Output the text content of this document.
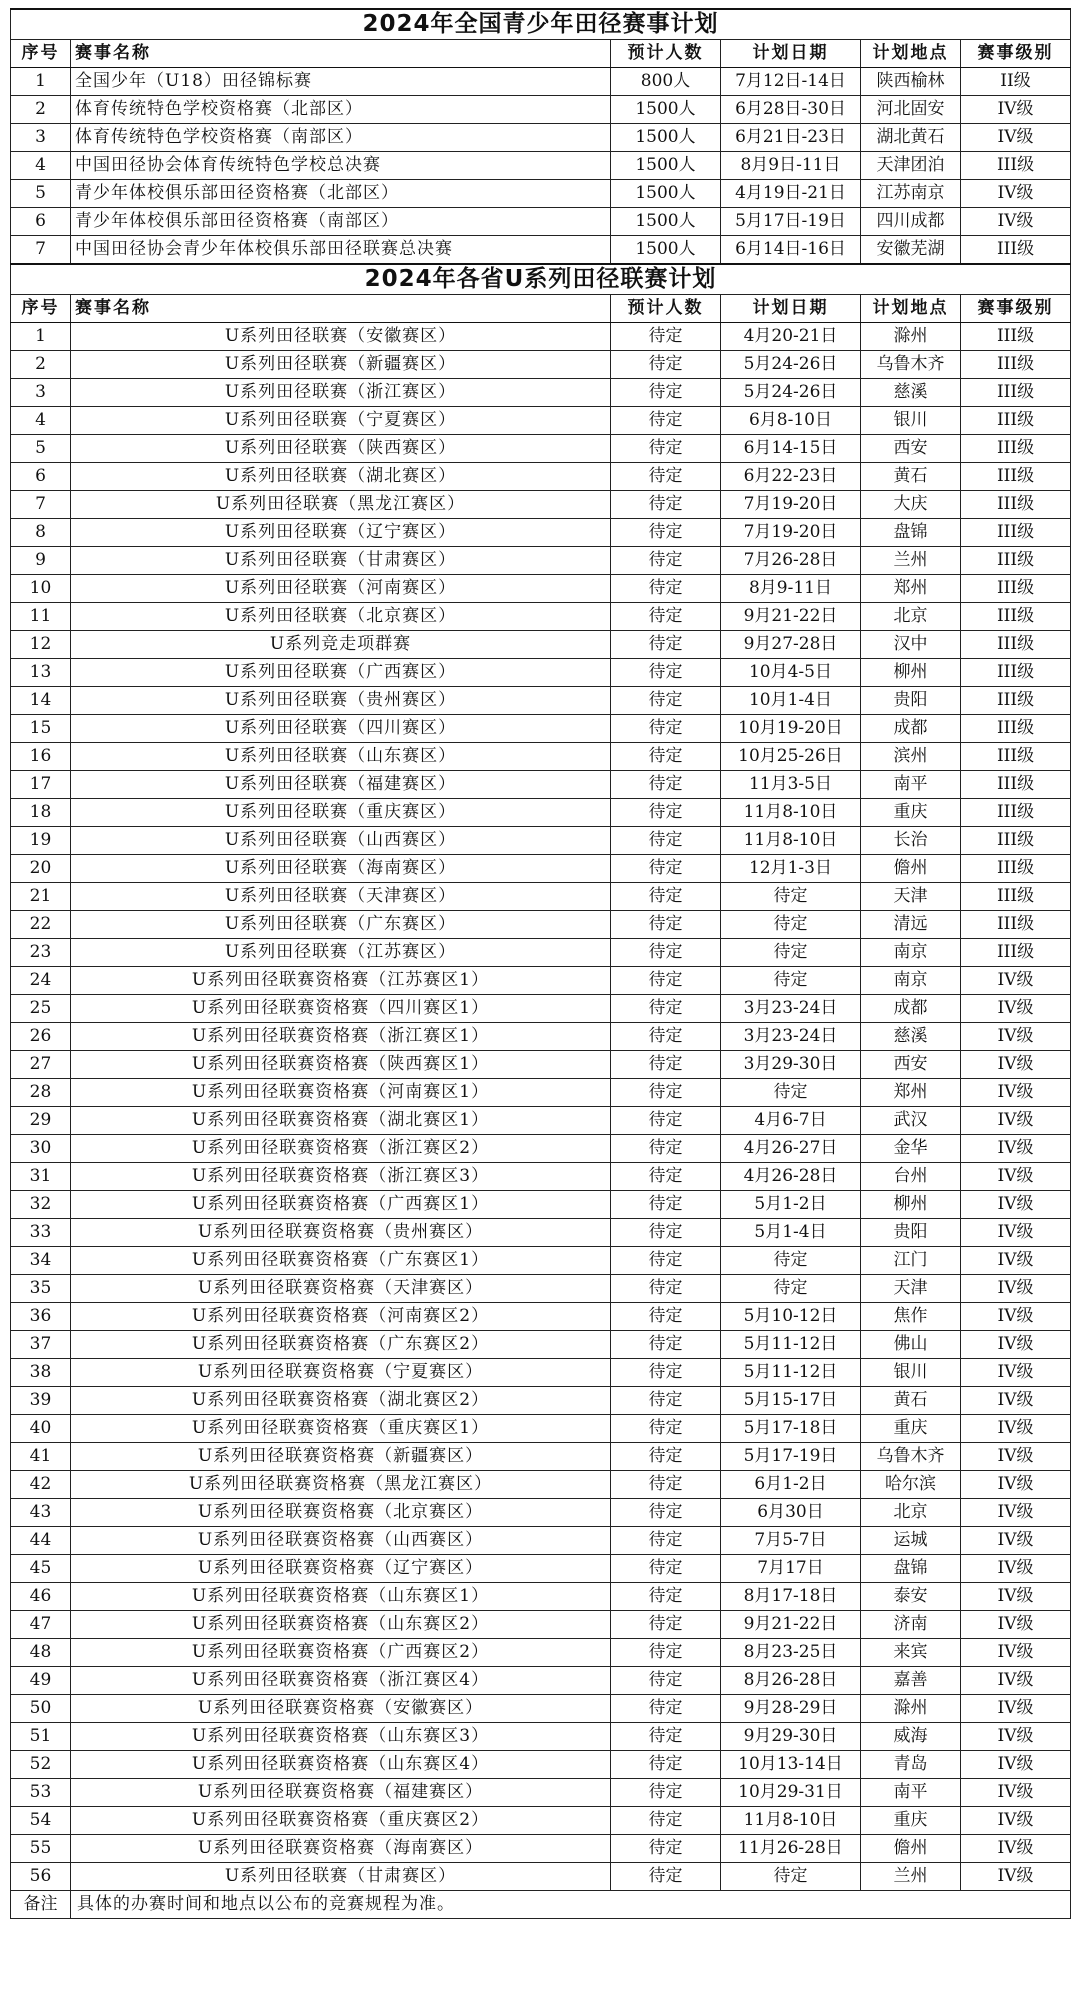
2024年全国青少年田径赛事计划					
序号	赛事名称	预计人数	计划日期	计划地点	赛事级别
1	全国少年（U18）田径锦标赛	800人	7月12日-14日	陕西榆林	II级
2	体育传统特色学校资格赛（北部区）	1500人	6月28日-30日	河北固安	IV级
3	体育传统特色学校资格赛（南部区）	1500人	6月21日-23日	湖北黄石	IV级
4	中国田径协会体育传统特色学校总决赛	1500人	8月9日-11日	天津团泊	III级
5	青少年体校俱乐部田径资格赛（北部区）	1500人	4月19日-21日	江苏南京	IV级
6	青少年体校俱乐部田径资格赛（南部区）	1500人	5月17日-19日	四川成都	IV级
7	中国田径协会青少年体校俱乐部田径联赛总决赛	1500人	6月14日-16日	安徽芜湖	III级
2024年各省U系列田径联赛计划					
序号	赛事名称	预计人数	计划日期	计划地点	赛事级别
1	U系列田径联赛（安徽赛区）	待定	4月20-21日	滁州	III级
2	U系列田径联赛（新疆赛区）	待定	5月24-26日	乌鲁木齐	III级
3	U系列田径联赛（浙江赛区）	待定	5月24-26日	慈溪	III级
4	U系列田径联赛（宁夏赛区）	待定	6月8-10日	银川	III级
5	U系列田径联赛（陕西赛区）	待定	6月14-15日	西安	III级
6	U系列田径联赛（湖北赛区）	待定	6月22-23日	黄石	III级
7	U系列田径联赛（黑龙江赛区）	待定	7月19-20日	大庆	III级
8	U系列田径联赛（辽宁赛区）	待定	7月19-20日	盘锦	III级
9	U系列田径联赛（甘肃赛区）	待定	7月26-28日	兰州	III级
10	U系列田径联赛（河南赛区）	待定	8月9-11日	郑州	III级
11	U系列田径联赛（北京赛区）	待定	9月21-22日	北京	III级
12	U系列竞走项群赛	待定	9月27-28日	汉中	III级
13	U系列田径联赛（广西赛区）	待定	10月4-5日	柳州	III级
14	U系列田径联赛（贵州赛区）	待定	10月1-4日	贵阳	III级
15	U系列田径联赛（四川赛区）	待定	10月19-20日	成都	III级
16	U系列田径联赛（山东赛区）	待定	10月25-26日	滨州	III级
17	U系列田径联赛（福建赛区）	待定	11月3-5日	南平	III级
18	U系列田径联赛（重庆赛区）	待定	11月8-10日	重庆	III级
19	U系列田径联赛（山西赛区）	待定	11月8-10日	长治	III级
20	U系列田径联赛（海南赛区）	待定	12月1-3日	儋州	III级
21	U系列田径联赛（天津赛区）	待定	待定	天津	III级
22	U系列田径联赛（广东赛区）	待定	待定	清远	III级
23	U系列田径联赛（江苏赛区）	待定	待定	南京	III级
24	U系列田径联赛资格赛（江苏赛区1）	待定	待定	南京	IV级
25	U系列田径联赛资格赛（四川赛区1）	待定	3月23-24日	成都	IV级
26	U系列田径联赛资格赛（浙江赛区1）	待定	3月23-24日	慈溪	IV级
27	U系列田径联赛资格赛（陕西赛区1）	待定	3月29-30日	西安	IV级
28	U系列田径联赛资格赛（河南赛区1）	待定	待定	郑州	IV级
29	U系列田径联赛资格赛（湖北赛区1）	待定	4月6-7日	武汉	IV级
30	U系列田径联赛资格赛（浙江赛区2）	待定	4月26-27日	金华	IV级
31	U系列田径联赛资格赛（浙江赛区3）	待定	4月26-28日	台州	IV级
32	U系列田径联赛资格赛（广西赛区1）	待定	5月1-2日	柳州	IV级
33	U系列田径联赛资格赛（贵州赛区）	待定	5月1-4日	贵阳	IV级
34	U系列田径联赛资格赛（广东赛区1）	待定	待定	江门	IV级
35	U系列田径联赛资格赛（天津赛区）	待定	待定	天津	IV级
36	U系列田径联赛资格赛（河南赛区2）	待定	5月10-12日	焦作	IV级
37	U系列田径联赛资格赛（广东赛区2）	待定	5月11-12日	佛山	IV级
38	U系列田径联赛资格赛（宁夏赛区）	待定	5月11-12日	银川	IV级
39	U系列田径联赛资格赛（湖北赛区2）	待定	5月15-17日	黄石	IV级
40	U系列田径联赛资格赛（重庆赛区1）	待定	5月17-18日	重庆	IV级
41	U系列田径联赛资格赛（新疆赛区）	待定	5月17-19日	乌鲁木齐	IV级
42	U系列田径联赛资格赛（黑龙江赛区）	待定	6月1-2日	哈尔滨	IV级
43	U系列田径联赛资格赛（北京赛区）	待定	6月30日	北京	IV级
44	U系列田径联赛资格赛（山西赛区）	待定	7月5-7日	运城	IV级
45	U系列田径联赛资格赛（辽宁赛区）	待定	7月17日	盘锦	IV级
46	U系列田径联赛资格赛（山东赛区1）	待定	8月17-18日	泰安	IV级
47	U系列田径联赛资格赛（山东赛区2）	待定	9月21-22日	济南	IV级
48	U系列田径联赛资格赛（广西赛区2）	待定	8月23-25日	来宾	IV级
49	U系列田径联赛资格赛（浙江赛区4）	待定	8月26-28日	嘉善	IV级
50	U系列田径联赛资格赛（安徽赛区）	待定	9月28-29日	滁州	IV级
51	U系列田径联赛资格赛（山东赛区3）	待定	9月29-30日	威海	IV级
52	U系列田径联赛资格赛（山东赛区4）	待定	10月13-14日	青岛	IV级
53	U系列田径联赛资格赛（福建赛区）	待定	10月29-31日	南平	IV级
54	U系列田径联赛资格赛（重庆赛区2）	待定	11月8-10日	重庆	IV级
55	U系列田径联赛资格赛（海南赛区）	待定	11月26-28日	儋州	IV级
56	U系列田径联赛（甘肃赛区）	待定	待定	兰州	IV级
备注	具体的办赛时间和地点以公布的竞赛规程为准。				
